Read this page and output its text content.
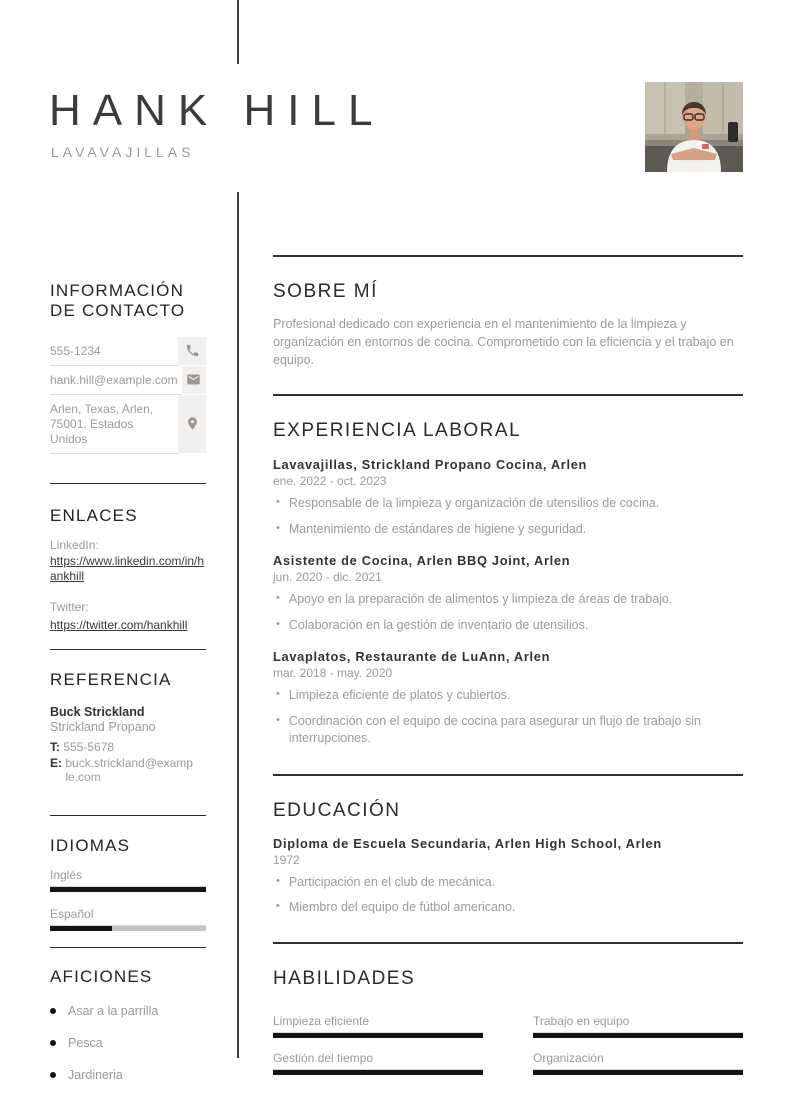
HANK HILL
LAVAVAJILLAS
INFORMACIÓN DE CONTACTO
555-1234
hank.hill@example.com
Arlen, Texas, Arlen, 75001. Estados Unidos
ENLACES
LinkedIn:
https://www.linkedin.com/in/hankhill
Twitter:
https://twitter.com/hankhill
REFERENCIA
Buck Strickland
Strickland Propano
T: 555-5678
E: buck.strickland@example.com
IDIOMAS
Inglés
Español
AFICIONES
Asar a la parrilla
Pesca
Jardineria
SOBRE MÍ

Profesional dedicado con experiencia en el mantenimiento de la limpieza y organización en entornos de cocina. Comprometido con la eficiencia y el trabajo en equipo.

EXPERIENCIA LABORAL
Lavavajillas, Strickland Propano Cocina, Arlen
ene. 2022 - oct. 2023
• Responsable de la limpieza y organización de utensilios de cocina.
• Mantenimiento de estándares de higiene y seguridad.
Asistente de Cocina, Arlen BBQ Joint, Arlen
jun. 2020 - dic. 2021
• Apoyo en la preparación de alimentos y limpieza de áreas de trabajo.
• Colaboración en la gestión de inventario de utensilios.
Lavaplatos, Restaurante de LuAnn, Arlen
mar. 2018 - may. 2020
• Limpieza eficiente de platos y cubiertos.
• Coordinación con el equipo de cocina para asegurar un flujo de trabajo sin interrupciones.
EDUCACIÓN
Diploma de Escuela Secundaria, Arlen High School, Arlen
1972
• Participación en el club de mecánica.
• Miembro del equipo de fútbol americano.
HABILIDADES
Limpieza eficiente	Trabajo en equipo
Gestión del tiempo	Organización
